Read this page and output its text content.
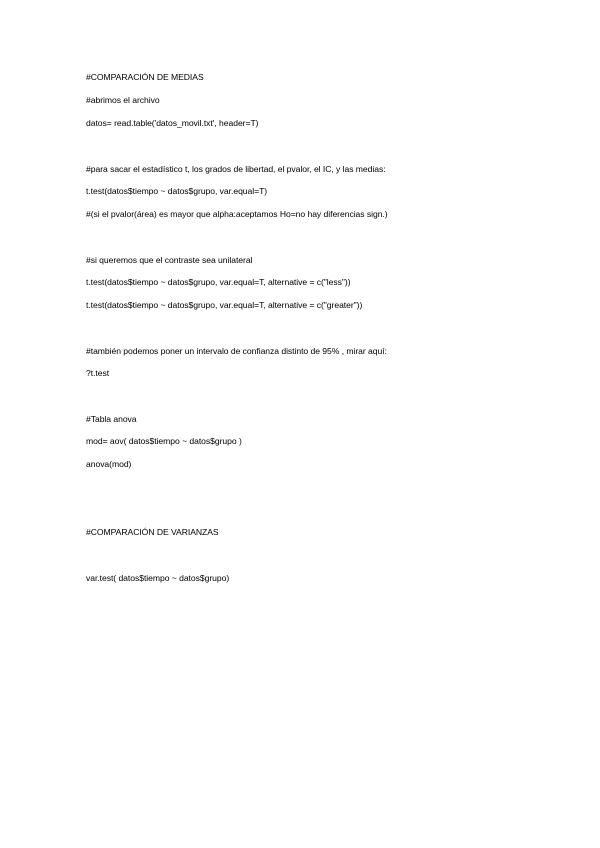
#COMPARACIÓN DE MEDIAS
#abrimos el archivo
datos= read.table('datos_movil.txt', header=T)
#para sacar el estadístico t, los grados de libertad, el pvalor, el IC, y las medias:
t.test(datos$tiempo ~ datos$grupo, var.equal=T)
#(si el pvalor(área) es mayor que alpha:aceptamos Ho=no hay diferencias sign.)
#si queremos que el contraste sea unilateral
t.test(datos$tiempo ~ datos$grupo, var.equal=T, alternative = c("less"))
t.test(datos$tiempo ~ datos$grupo, var.equal=T, alternative = c("greater"))
#también podemos poner un intervalo de confianza distinto de 95% , mirar aquí:
?t.test
#Tabla anova
mod= aov( datos$tiempo ~ datos$grupo )
anova(mod)
#COMPARACIÓN DE VARIANZAS
var.test( datos$tiempo ~ datos$grupo)
